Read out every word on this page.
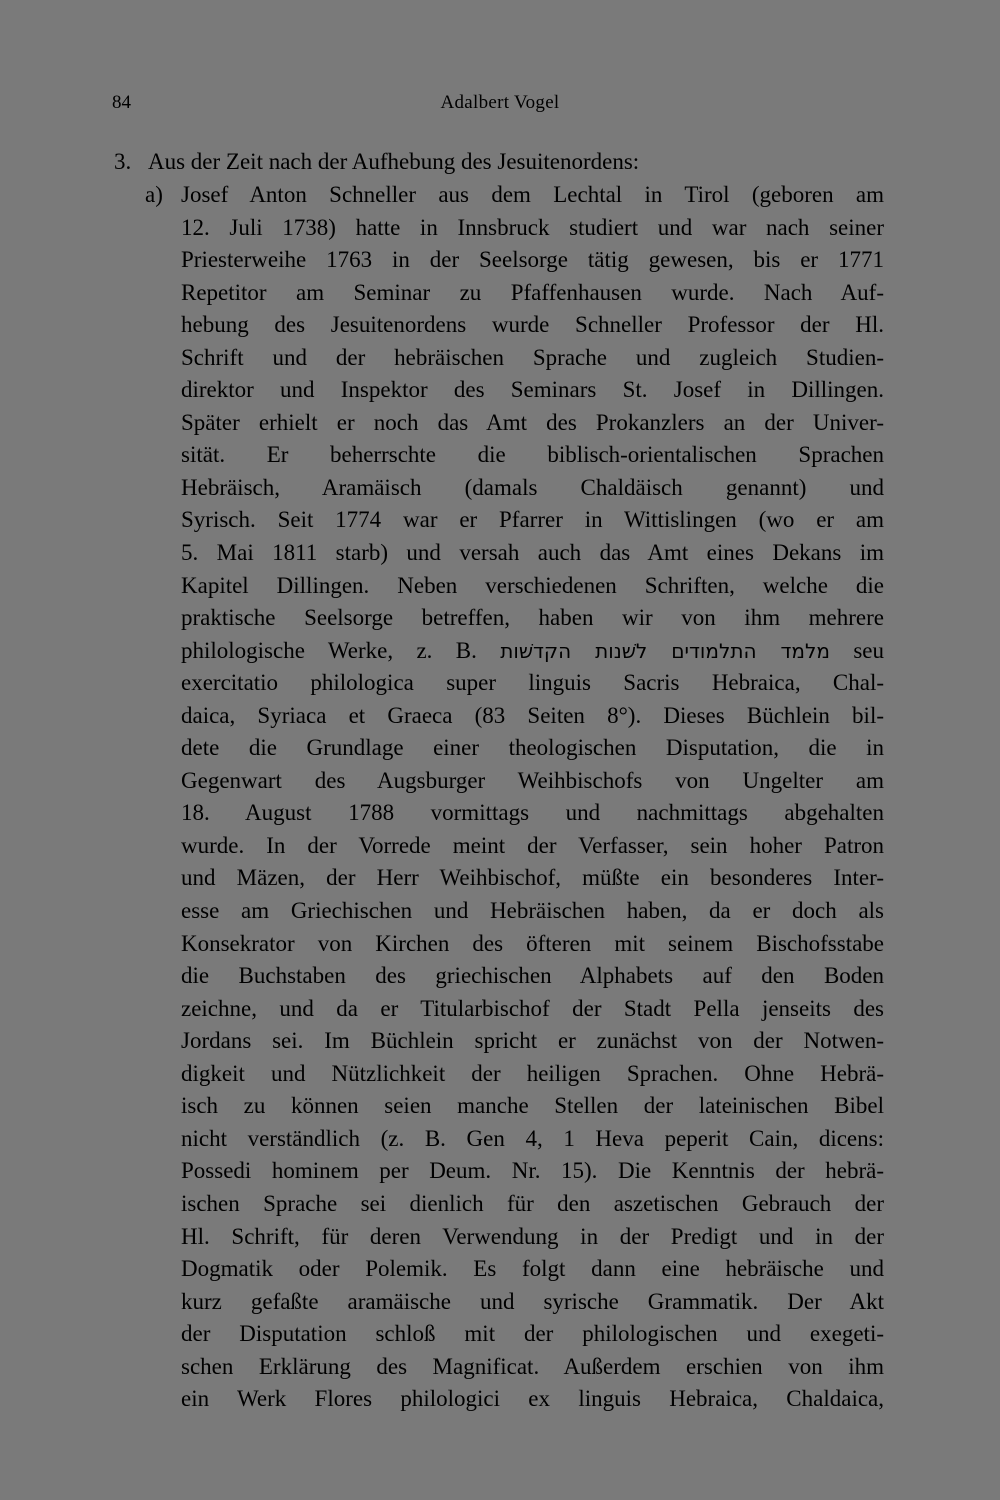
84	Adalbert Vogel
3. Aus der Zeit nach der Aufhebung des Jesuitenordens:
a) Josef Anton Schneller aus dem Lechtal in Tirol (geboren am
12. Juli 1738) hatte in Innsbruck studiert und war nach seiner
Priesterweihe 1763 in der Seelsorge tätig gewesen, bis er 1771
Repetitor am Seminar zu Pfaffenhausen wurde. Nach Auf-
hebung des Jesuitenordens wurde Schneller Professor der Hl.
Schrift und der hebräischen Sprache und zugleich Studien-
direktor und Inspektor des Seminars St. Josef in Dillingen.
Später erhielt er noch das Amt des Prokanzlers an der Univer-
sität. Er beherrschte die biblisch-orientalischen Sprachen
Hebräisch, Aramäisch (damals Chaldäisch genannt) und
Syrisch. Seit 1774 war er Pfarrer in Wittislingen (wo er am
5. Mai 1811 starb) und versah auch das Amt eines Dekans im
Kapitel Dillingen. Neben verschiedenen Schriften, welche die
praktische Seelsorge betreffen, haben wir von ihm mehrere
philologische Werke, z. B. מלמד התלמודים לשׁנות הקדשׁות seu
exercitatio philologica super linguis Sacris Hebraica, Chal-
daica, Syriaca et Graeca (83 Seiten 8°). Dieses Büchlein bil-
dete die Grundlage einer theologischen Disputation, die in
Gegenwart des Augsburger Weihbischofs von Ungelter am
18. August 1788 vormittags und nachmittags abgehalten
wurde. In der Vorrede meint der Verfasser, sein hoher Patron
und Mäzen, der Herr Weihbischof, müßte ein besonderes Inter-
esse am Griechischen und Hebräischen haben, da er doch als
Konsekrator von Kirchen des öfteren mit seinem Bischofsstabe
die Buchstaben des griechischen Alphabets auf den Boden
zeichne, und da er Titularbischof der Stadt Pella jenseits des
Jordans sei. Im Büchlein spricht er zunächst von der Notwen-
digkeit und Nützlichkeit der heiligen Sprachen. Ohne Hebrä-
isch zu können seien manche Stellen der lateinischen Bibel
nicht verständlich (z. B. Gen 4, 1 Heva peperit Cain, dicens:
Possedi hominem per Deum. Nr. 15). Die Kenntnis der hebrä-
ischen Sprache sei dienlich für den aszetischen Gebrauch der
Hl. Schrift, für deren Verwendung in der Predigt und in der
Dogmatik oder Polemik. Es folgt dann eine hebräische und
kurz gefaßte aramäische und syrische Grammatik. Der Akt
der Disputation schloß mit der philologischen und exegeti-
schen Erklärung des Magnificat. Außerdem erschien von ihm
ein Werk Flores philologici ex linguis Hebraica, Chaldaica,
